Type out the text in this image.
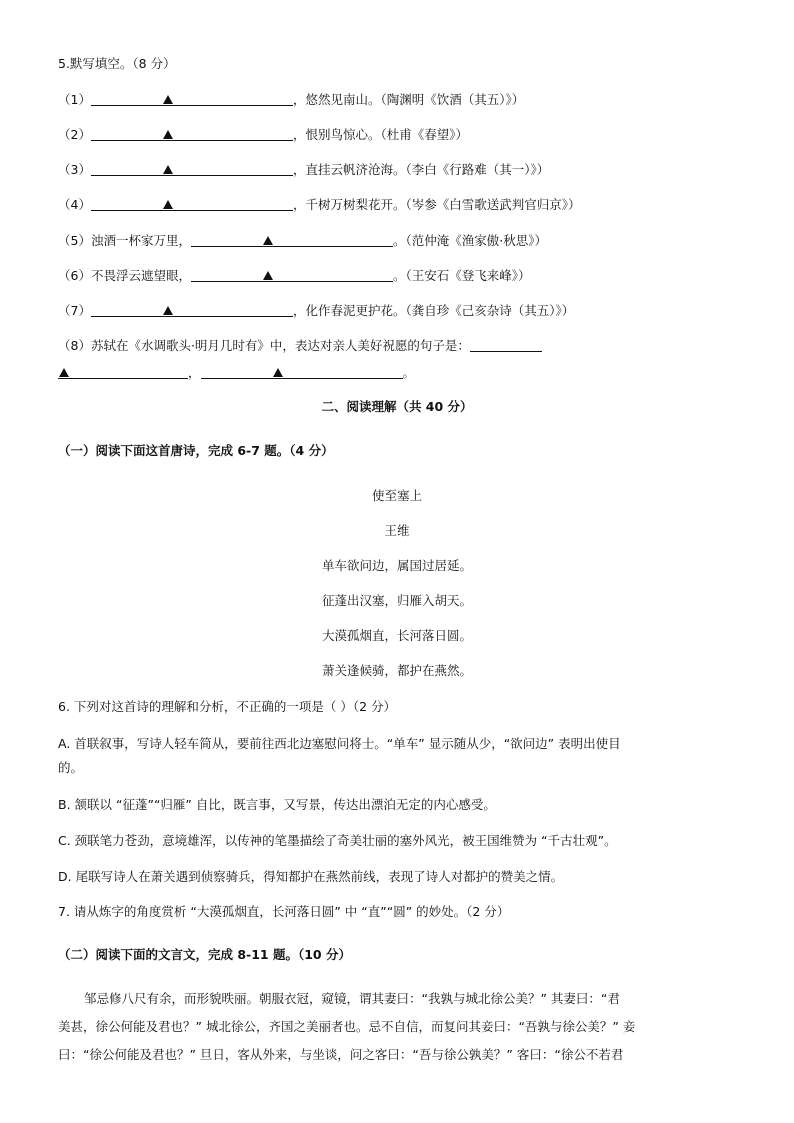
5.默写填空。（8 分）
（1）	，悠然见南山。（陶渊明《饮酒（其五）》）
（2）	，恨别鸟惊心。（杜甫《春望》）
（3）	，直挂云帆济沧海。（李白《行路难（其一）》）
（4）	，千树万树梨花开。（岑参《白雪歌送武判官归京》）
（5）浊酒一杯家万里，	。（范仲淹《渔家傲·秋思》）
（6）不畏浮云遮望眼，	。（王安石《登飞来峰》）
（7）	，化作春泥更护花。（龚自珍《己亥杂诗（其五）》）
（8）苏轼在《水调歌头·明月几时有》中，表达对亲人美好祝愿的句子是：
，	。
二、阅读理解（共 40 分）
（一）阅读下面这首唐诗，完成 6-7 题。（4 分）
使至塞上
王维
单车欲问边，属国过居延。
征蓬出汉塞，归雁入胡天。
大漠孤烟直，长河落日圆。
萧关逢候骑，都护在燕然。
6. 下列对这首诗的理解和分析，不正确的一项是（ ）（2 分）
A. 首联叙事，写诗人轻车简从，要前往西北边塞慰问将士。“单车” 显示随从少，“欲问边” 表明出使目
的。
B. 颔联以 “征蓬”“归雁” 自比，既言事，又写景，传达出漂泊无定的内心感受。
C. 颈联笔力苍劲，意境雄浑，以传神的笔墨描绘了奇美壮丽的塞外风光，被王国维赞为 “千古壮观”。
D. 尾联写诗人在萧关遇到侦察骑兵，得知都护在燕然前线，表现了诗人对都护的赞美之情。
7. 请从炼字的角度赏析 “大漠孤烟直，长河落日圆” 中 “直”“圆” 的妙处。（2 分）
（二）阅读下面的文言文，完成 8-11 题。（10 分）
邹忌修八尺有余，而形貌昳丽。朝服衣冠，窥镜，谓其妻曰：“我孰与城北徐公美？” 其妻曰：“君
美甚，徐公何能及君也？” 城北徐公，齐国之美丽者也。忌不自信，而复问其妾曰：“吾孰与徐公美？” 妾
曰：“徐公何能及君也？” 旦日，客从外来，与坐谈，问之客曰：“吾与徐公孰美？” 客曰：“徐公不若君
